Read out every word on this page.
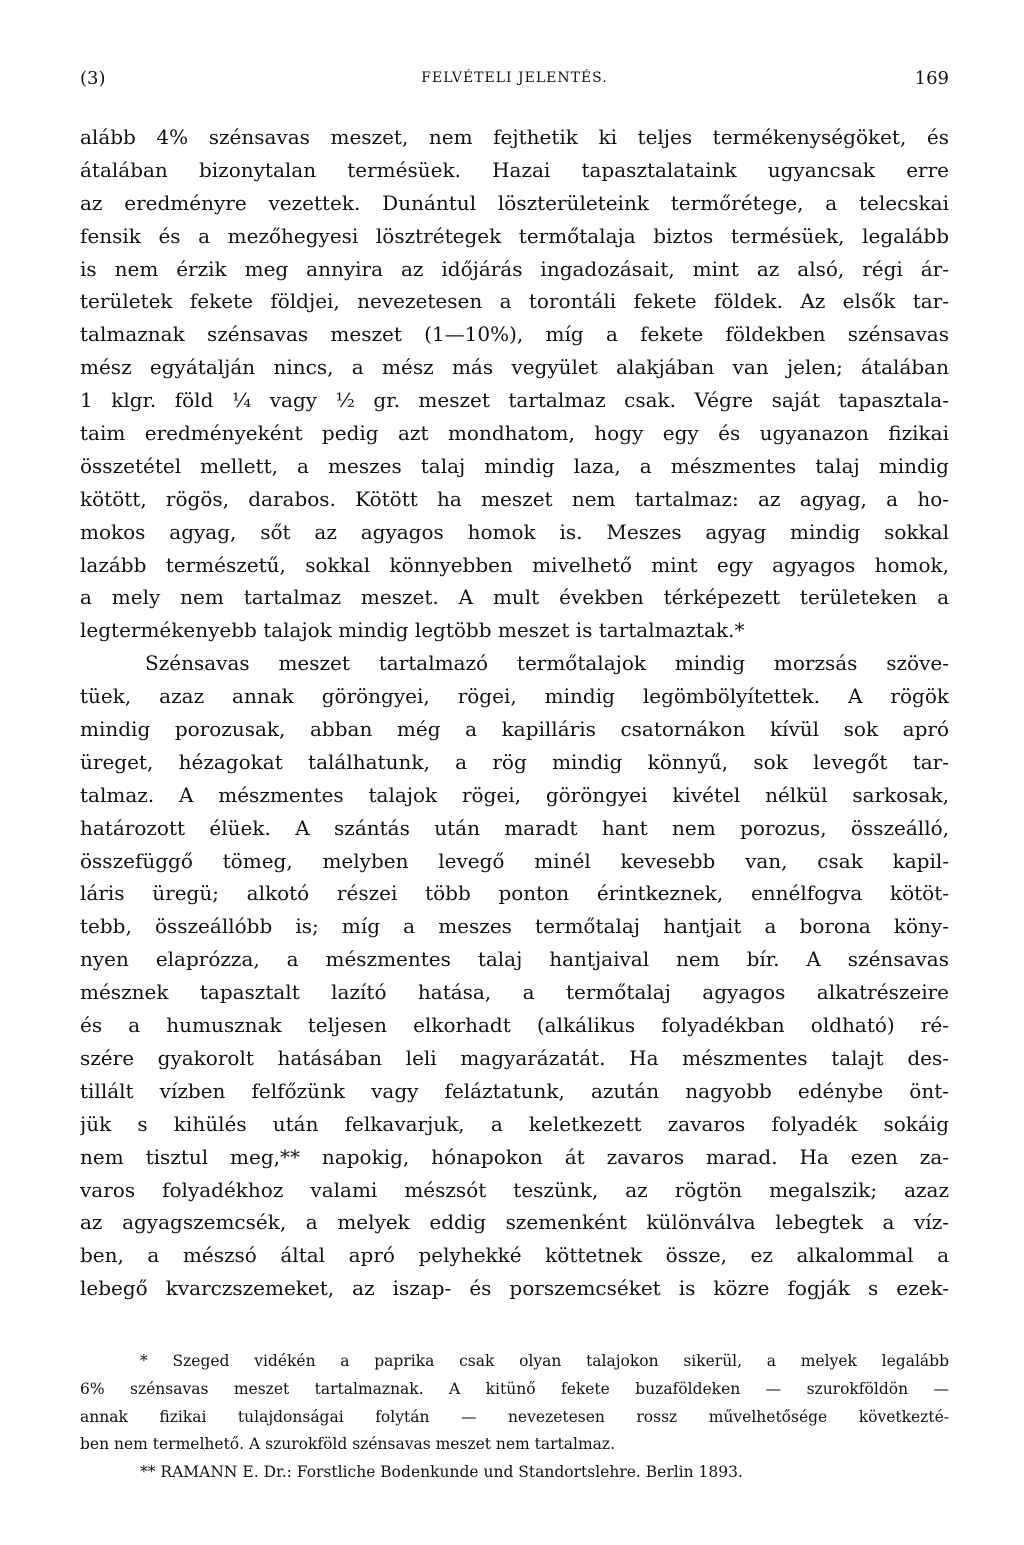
(3)	FELVÉTELI JELENTÉS.	169
alább 4% szénsavas meszet, nem fejthetik ki teljes termékenységöket, és
átalában bizonytalan termésüek. Hazai tapasztalataink ugyancsak erre
az eredményre vezettek. Dunántul löszterületeink termőrétege, a telecskai
fensik és a mezőhegyesi lösztrétegek termőtalaja biztos termésüek, legalább
is nem érzik meg annyira az időjárás ingadozásait, mint az alsó, régi ár-
területek fekete földjei, nevezetesen a torontáli fekete földek. Az elsők tar-
talmaznak szénsavas meszet (1—10%), míg a fekete földekben szénsavas
mész egyátalján nincs, a mész más vegyület alakjában van jelen; átalában
1 klgr. föld ¼ vagy ½ gr. meszet tartalmaz csak. Végre saját tapasztala-
taim eredményeként pedig azt mondhatom, hogy egy és ugyanazon fizikai
összetétel mellett, a meszes talaj mindig laza, a mészmentes talaj mindig
kötött, rögös, darabos. Kötött ha meszet nem tartalmaz: az agyag, a ho-
mokos agyag, sőt az agyagos homok is. Meszes agyag mindig sokkal
lazább természetű, sokkal könnyebben mivelhető mint egy agyagos homok,
a mely nem tartalmaz meszet. A mult években térképezett területeken a
legtermékenyebb talajok mindig legtöbb meszet is tartalmaztak.*
Szénsavas meszet tartalmazó termőtalajok mindig morzsás szöve-
tüek, azaz annak göröngyei, rögei, mindig legömbölyítettek. A rögök
mindig porozusak, abban még a kapilláris csatornákon kívül sok apró
üreget, hézagokat találhatunk, a rög mindig könnyű, sok levegőt tar-
talmaz. A mészmentes talajok rögei, göröngyei kivétel nélkül sarkosak,
határozott élüek. A szántás után maradt hant nem porozus, összeálló,
összefüggő tömeg, melyben levegő minél kevesebb van, csak kapil-
láris üregü; alkotó részei több ponton érintkeznek, ennélfogva kötöt-
tebb, összeállóbb is; míg a meszes termőtalaj hantjait a borona köny-
nyen elaprózza, a mészmentes talaj hantjaival nem bír. A szénsavas
mésznek tapasztalt lazító hatása, a termőtalaj agyagos alkatrészeire
és a humusznak teljesen elkorhadt (alkálikus folyadékban oldható) ré-
szére gyakorolt hatásában leli magyarázatát. Ha mészmentes talajt des-
tillált vízben felfőzünk vagy feláztatunk, azután nagyobb edénybe önt-
jük s kihülés után felkavarjuk, a keletkezett zavaros folyadék sokáig
nem tisztul meg,** napokig, hónapokon át zavaros marad. Ha ezen za-
varos folyadékhoz valami mészsót teszünk, az rögtön megalszik; azaz
az agyagszemcsék, a melyek eddig szemenként különválva lebegtek a víz-
ben, a mészsó által apró pelyhekké köttetnek össze, ez alkalommal a
lebegő kvarczszemeket, az iszap- és porszemcséket is közre fogják s ezek-
* Szeged vidékén a paprika csak olyan talajokon sikerül, a melyek legalább
6% szénsavas meszet tartalmaznak. A kitünő fekete buzaföldeken — szurokföldön —
annak fizikai tulajdonságai folytán — nevezetesen rossz művelhetősége következté-
ben nem termelhető. A szurokföld szénsavas meszet nem tartalmaz.
** RAMANN E. Dr.: Forstliche Bodenkunde und Standortslehre. Berlin 1893.
